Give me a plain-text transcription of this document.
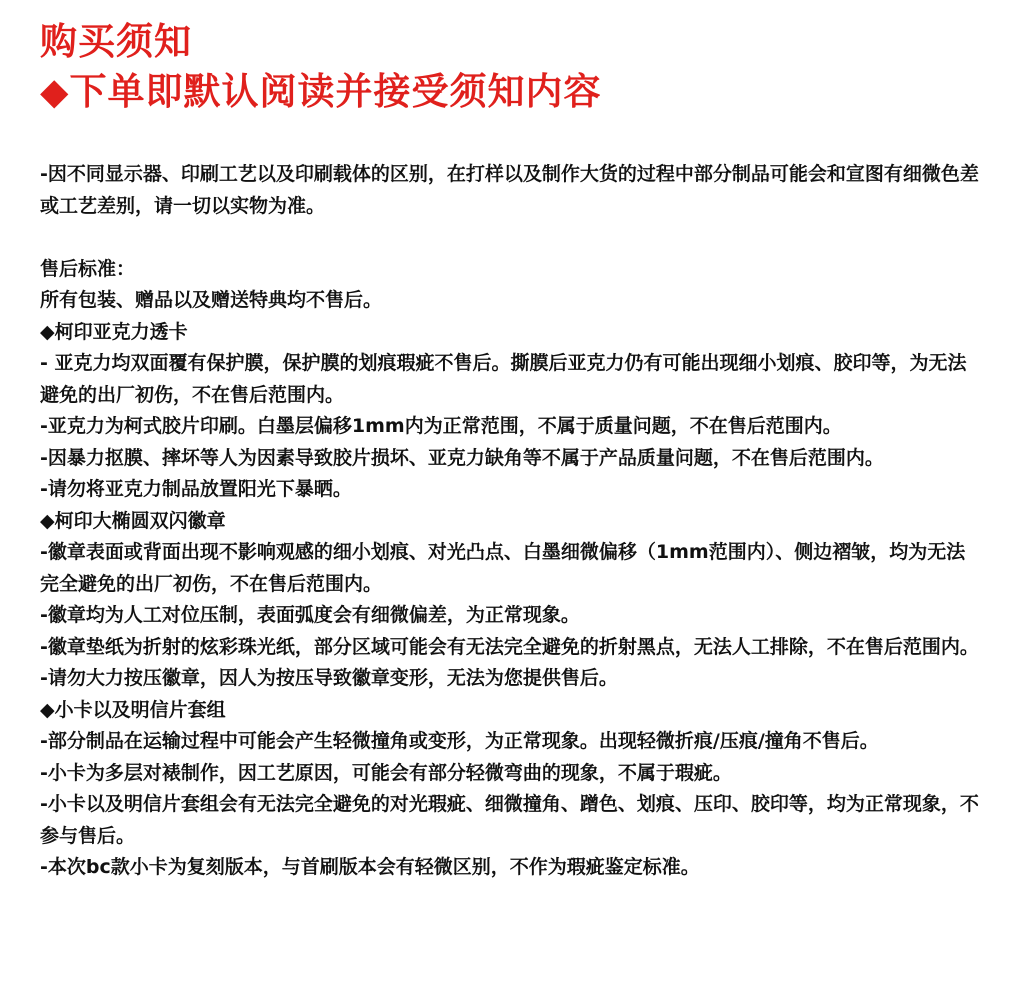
购买须知
◆下单即默认阅读并接受须知内容

-因不同显示器、印刷工艺以及印刷载体的区别，在打样以及制作大货的过程中部分制品可能会和宣图有细微色差或工艺差别，请一切以实物为准。

售后标准：

所有包装、赠品以及赠送特典均不售后。

◆柯印亚克力透卡

- 亚克力均双面覆有保护膜，保护膜的划痕瑕疵不售后。撕膜后亚克力仍有可能出现细小划痕、胶印等，为无法避免的出厂初伤，不在售后范围内。

-亚克力为柯式胶片印刷。白墨层偏移1mm内为正常范围，不属于质量问题，不在售后范围内。

-因暴力抠膜、摔坏等人为因素导致胶片损坏、亚克力缺角等不属于产品质量问题，不在售后范围内。

-请勿将亚克力制品放置阳光下暴晒。

◆柯印大椭圆双闪徽章

-徽章表面或背面出现不影响观感的细小划痕、对光凸点、白墨细微偏移（1mm范围内）、侧边褶皱，均为无法完全避免的出厂初伤，不在售后范围内。

-徽章均为人工对位压制，表面弧度会有细微偏差，为正常现象。

-徽章垫纸为折射的炫彩珠光纸，部分区域可能会有无法完全避免的折射黑点，无法人工排除，不在售后范围内。

-请勿大力按压徽章，因人为按压导致徽章变形，无法为您提供售后。

◆小卡以及明信片套组

-部分制品在运输过程中可能会产生轻微撞角或变形，为正常现象。出现轻微折痕/压痕/撞角不售后。

-小卡为多层对裱制作，因工艺原因，可能会有部分轻微弯曲的现象，不属于瑕疵。

-小卡以及明信片套组会有无法完全避免的对光瑕疵、细微撞角、蹭色、划痕、压印、胶印等，均为正常现象，不参与售后。

-本次bc款小卡为复刻版本，与首刷版本会有轻微区别，不作为瑕疵鉴定标准。
